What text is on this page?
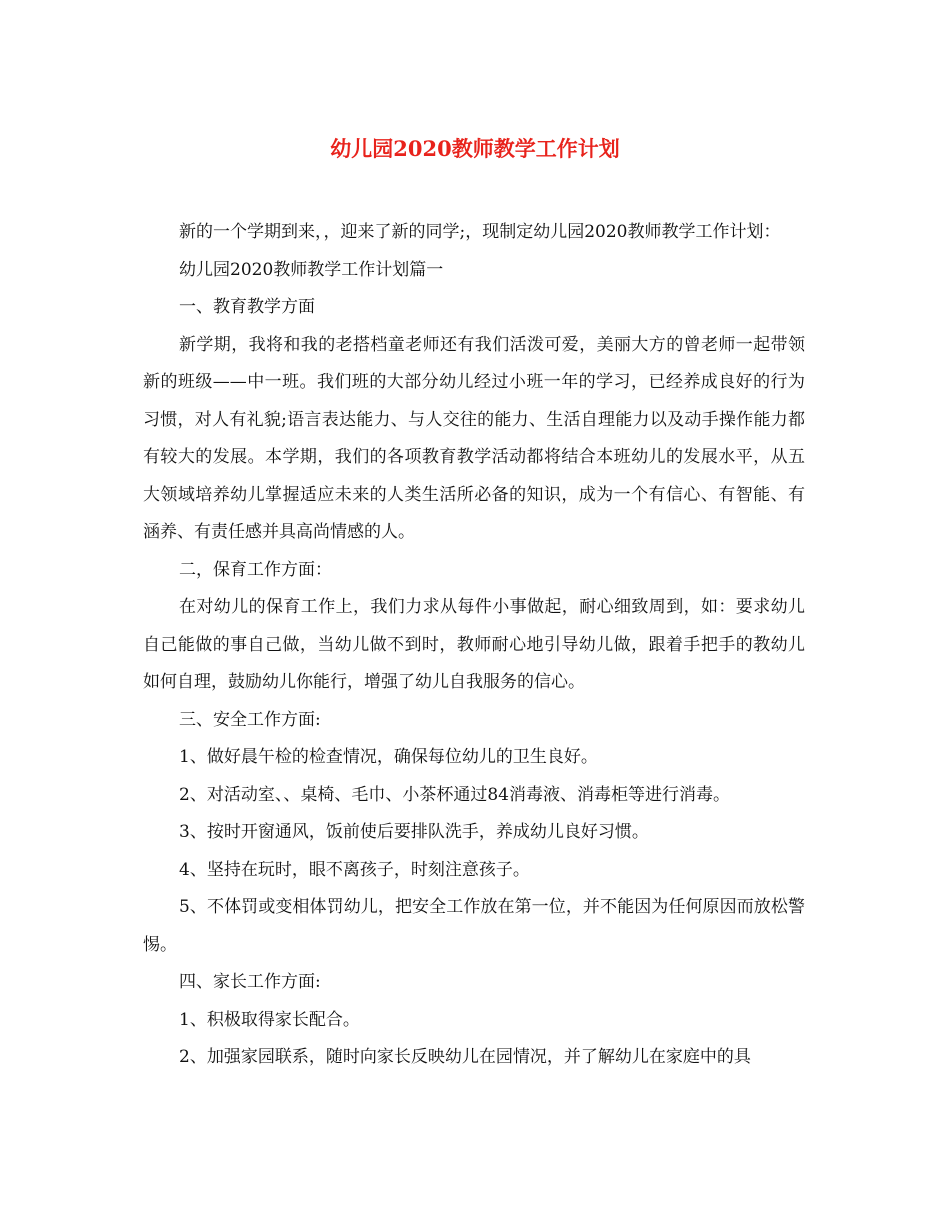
幼儿园2020教师教学工作计划

新的一个学期到来，，迎来了新的同学;，现制定幼儿园2020教师教学工作计划：

幼儿园2020教师教学工作计划篇一

一、教育教学方面

新学期，我将和我的老搭档童老师还有我们活泼可爱，美丽大方的曾老师一起带领新的班级——中一班。我们班的大部分幼儿经过小班一年的学习，已经养成良好的行为习惯，对人有礼貌;语言表达能力、与人交往的能力、生活自理能力以及动手操作能力都有较大的发展。本学期，我们的各项教育教学活动都将结合本班幼儿的发展水平，从五大领域培养幼儿掌握适应未来的人类生活所必备的知识，成为一个有信心、有智能、有涵养、有责任感并具高尚情感的人。

二，保育工作方面：

在对幼儿的保育工作上，我们力求从每件小事做起，耐心细致周到，如：要求幼儿自己能做的事自己做，当幼儿做不到时，教师耐心地引导幼儿做，跟着手把手的教幼儿如何自理，鼓励幼儿你能行，增强了幼儿自我服务的信心。

三、安全工作方面:

1、做好晨午检的检查情况，确保每位幼儿的卫生良好。

2、对活动室、、桌椅、毛巾、小茶杯通过84消毒液、消毒柜等进行消毒。

3、按时开窗通风，饭前使后要排队洗手，养成幼儿良好习惯。

4、坚持在玩时，眼不离孩子，时刻注意孩子。

5、不体罚或变相体罚幼儿，把安全工作放在第一位，并不能因为任何原因而放松警惕。

四、家长工作方面:

1、积极取得家长配合。

2、加强家园联系，随时向家长反映幼儿在园情况，并了解幼儿在家庭中的具
